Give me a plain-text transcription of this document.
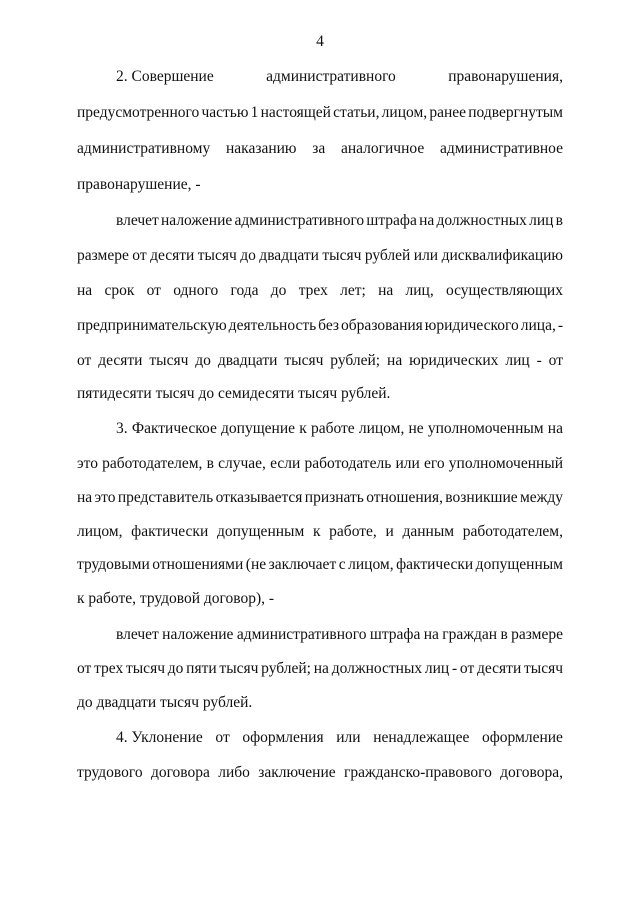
4
2. Совершение	административного	правонарушения,
предусмотренного частью 1 настоящей статьи, лицом, ранее подвергнутым
административному наказанию за аналогичное административное
правонарушение, -
влечет наложение административного штрафа на должностных лиц в
размере от десяти тысяч до двадцати тысяч рублей или дисквалификацию
на срок от одного года до трех лет; на лиц, осуществляющих
предпринимательскую деятельность без образования юридического лица, -
от десяти тысяч до двадцати тысяч рублей; на юридических лиц - от
пятидесяти тысяч до семидесяти тысяч рублей.
3. Фактическое допущение к работе лицом, не уполномоченным на
это работодателем, в случае, если работодатель или его уполномоченный
на это представитель отказывается признать отношения, возникшие между
лицом, фактически допущенным к работе, и данным работодателем,
трудовыми отношениями (не заключает с лицом, фактически допущенным
к работе, трудовой договор), -
влечет наложение административного штрафа на граждан в размере
от трех тысяч до пяти тысяч рублей; на должностных лиц - от десяти тысяч
до двадцати тысяч рублей.
4. Уклонение от оформления или ненадлежащее оформление
трудового договора либо заключение гражданско-правового договора,
